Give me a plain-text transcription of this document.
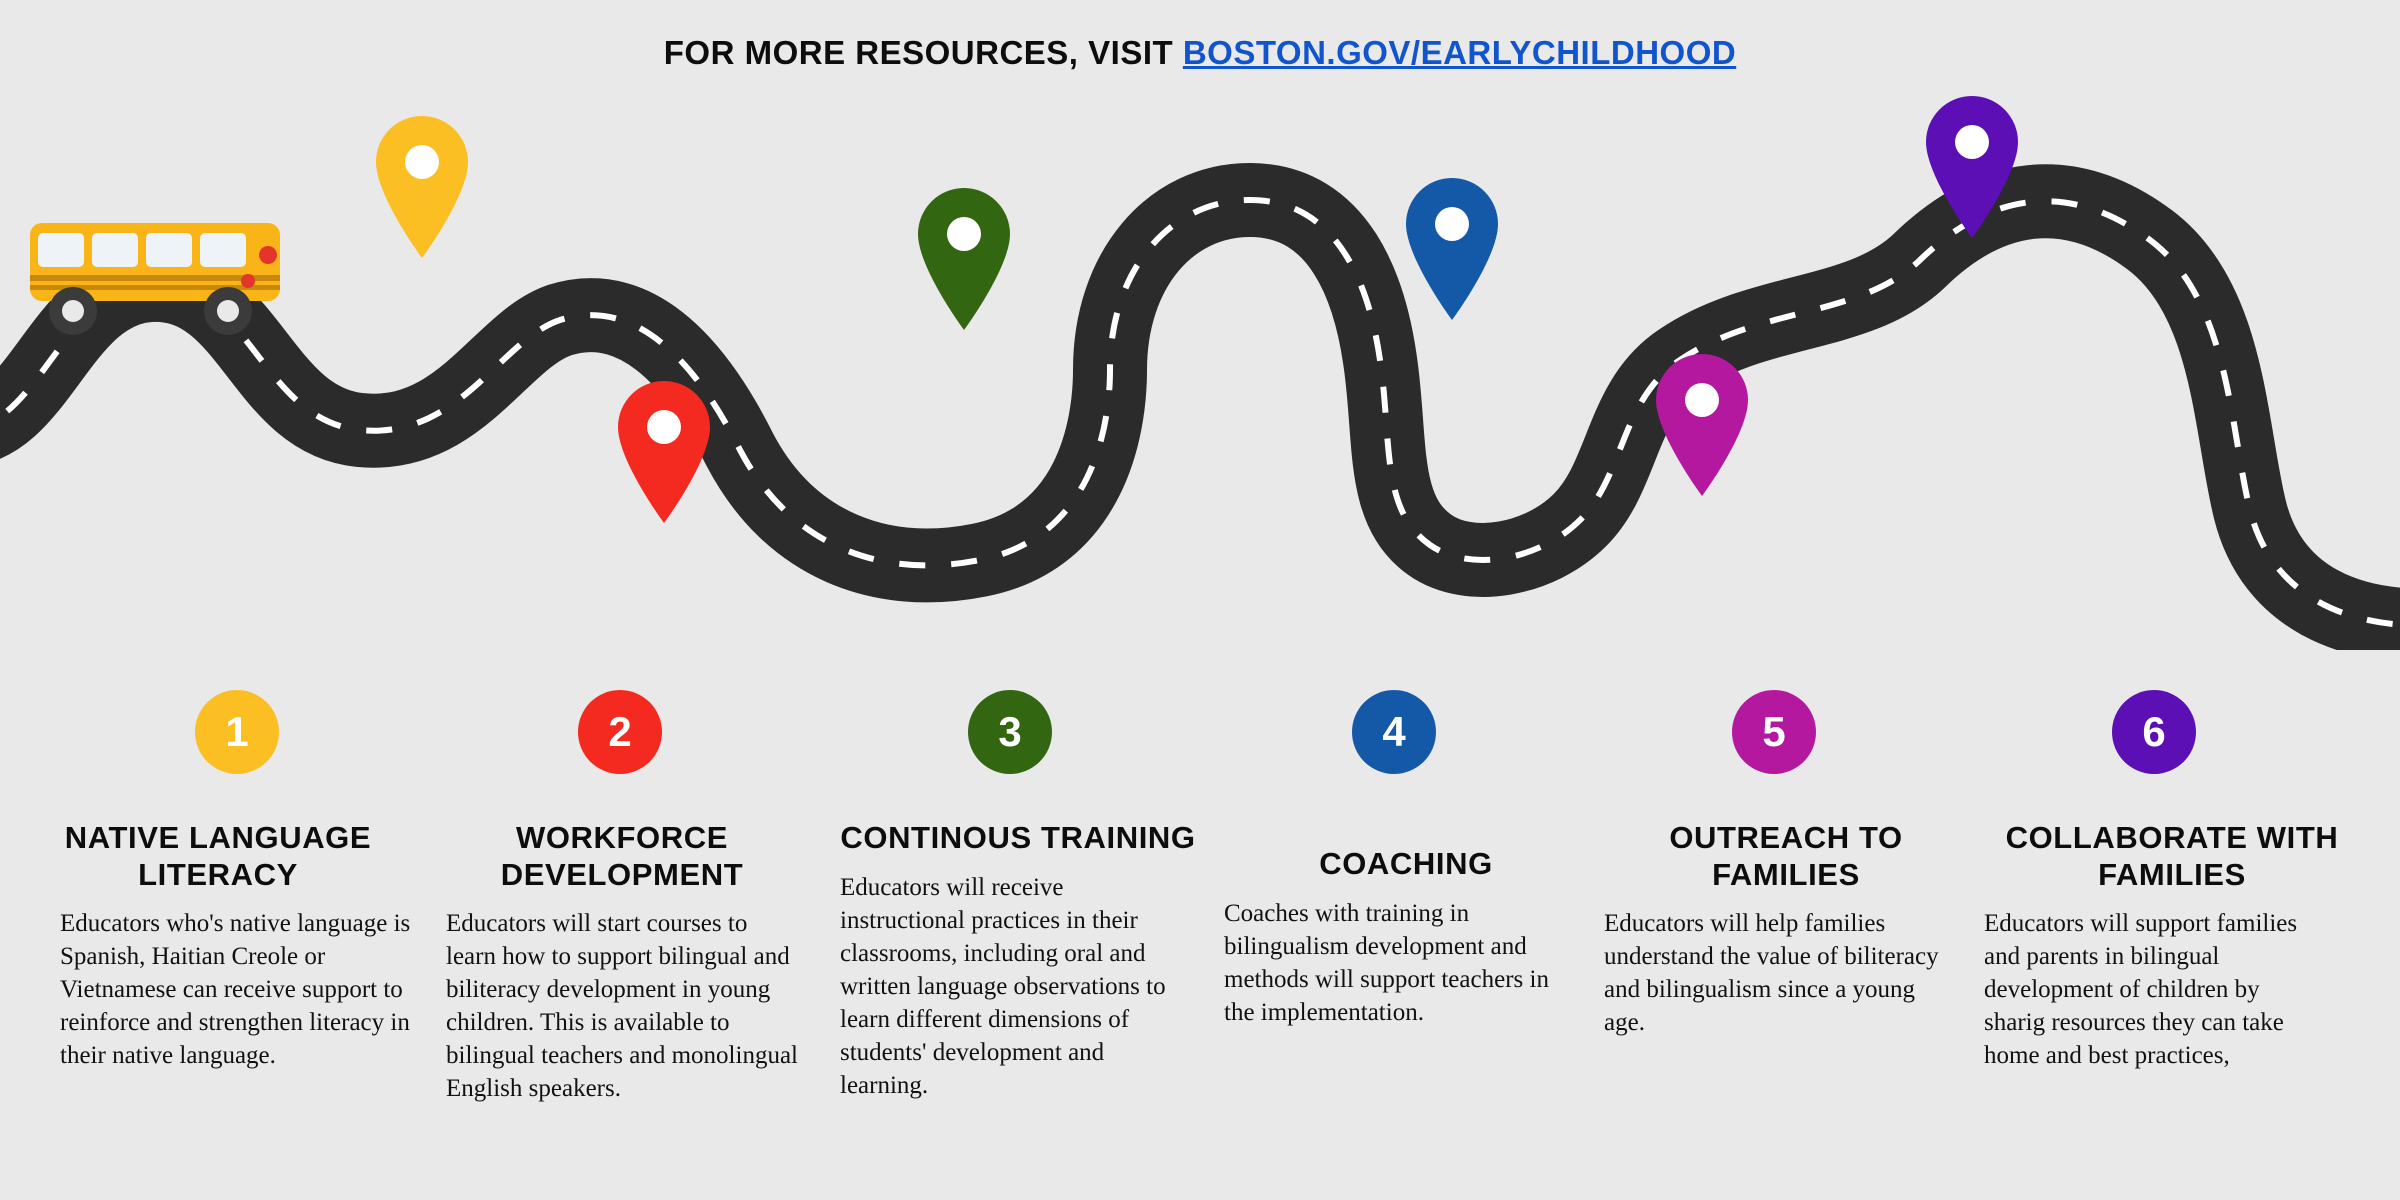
FOR MORE RESOURCES, VISIT BOSTON.GOV/EARLYCHILDHOOD
1	2	3	4	5	6
NATIVE LANGUAGE LITERACY
Educators who's native language is Spanish, Haitian Creole or Vietnamese can receive support to reinforce and strengthen literacy in their native language.
WORKFORCE DEVELOPMENT
Educators will start courses to learn how to support bilingual and biliteracy development in young children. This is available to bilingual teachers and monolingual English speakers.
CONTINOUS TRAINING
Educators will receive instructional practices in their classrooms, including oral and written language observations to learn different dimensions of students' development and learning.
COACHING
Coaches with training in bilingualism development and methods will support teachers in the implementation.
OUTREACH TO FAMILIES
Educators will help families understand the value of biliteracy and bilingualism since a young age.
COLLABORATE WITH FAMILIES
Educators will support families and parents in bilingual development of children by sharig resources they can take home and best practices,
